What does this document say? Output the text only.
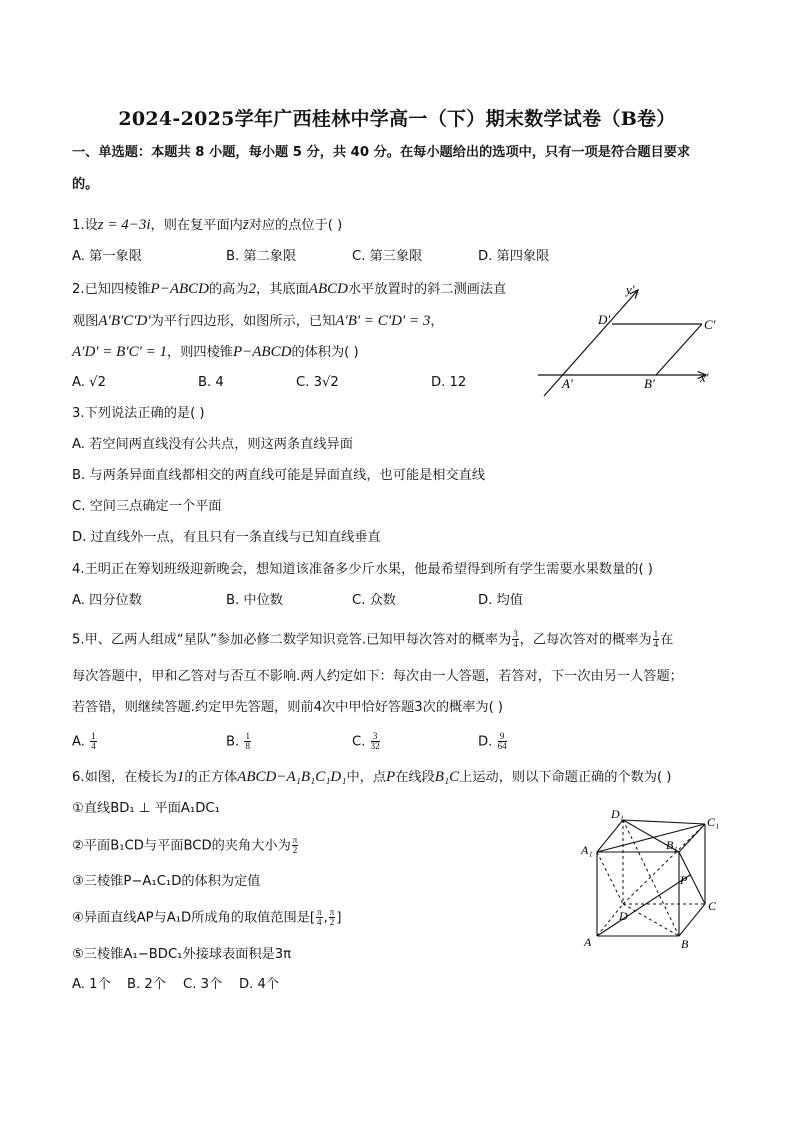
2024-2025学年广西桂林中学高一（下）期末数学试卷（B卷）
一、单选题：本题共 8 小题，每小题 5 分，共 40 分。在每小题给出的选项中，只有一项是符合题目要求
的。
1.设z = 4−3i，则在复平面内z̄对应的点位于( )
A. 第一象限	B. 第二象限	C. 第三象限	D. 第四象限
2.已知四棱锥P−ABCD的高为2，其底面ABCD水平放置时的斜二测画法直
观图A′B′C′D′为平行四边形，如图所示，已知A′B′ = C′D′ = 3，
A′D′ = B′C′ = 1，则四棱锥P−ABCD的体积为( )
A. √2	B. 4	C. 3√2	D. 12
y′
D′	C′
A′	B′	x′
3.下列说法正确的是( )
A. 若空间两直线没有公共点，则这两条直线异面
B. 与两条异面直线都相交的两直线可能是异面直线，也可能是相交直线
C. 空间三点确定一个平面
D. 过直线外一点，有且只有一条直线与已知直线垂直
4.王明正在筹划班级迎新晚会，想知道该准备多少斤水果，他最希望得到所有学生需要水果数量的( )
A. 四分位数	B. 中位数	C. 众数	D. 均值
5.甲、乙两人组成“星队”参加必修二数学知识竞答.已知甲每次答对的概率为 $\frac{3}{4}$ ，乙每次答对的概率为 $\frac{1}{4}$ 在
每次答题中，甲和乙答对与否互不影响.两人约定如下：每次由一人答题，若答对，下一次由另一人答题；
若答错，则继续答题.约定甲先答题，则前4次中甲恰好答题3次的概率为( )
A. $\frac{1}{4}$	B. $\frac{1}{8}$	C. $\frac{3}{32}$	D. $\frac{9}{64}$
6.如图，在棱长为1的正方体ABCD−A₁B₁C₁D₁中，点P在线段B₁C上运动，则以下命题正确的个数为( )
①直线BD₁ ⊥ 平面A₁DC₁
②平面B₁CD与平面BCD的夹角大小为 $\frac{\pi}{2}$
③三棱锥P−A₁C₁D的体积为定值
④异面直线AP与A₁D所成角的取值范围是[ $\frac{\pi}{4}$ , $\frac{\pi}{2}$ ]
⑤三棱锥A₁−BDC₁外接球表面积是3π
A. 1个 B. 2个 C. 3个 D. 4个
D₁
C₁
A₁	B₁
P
D
C
A	B
